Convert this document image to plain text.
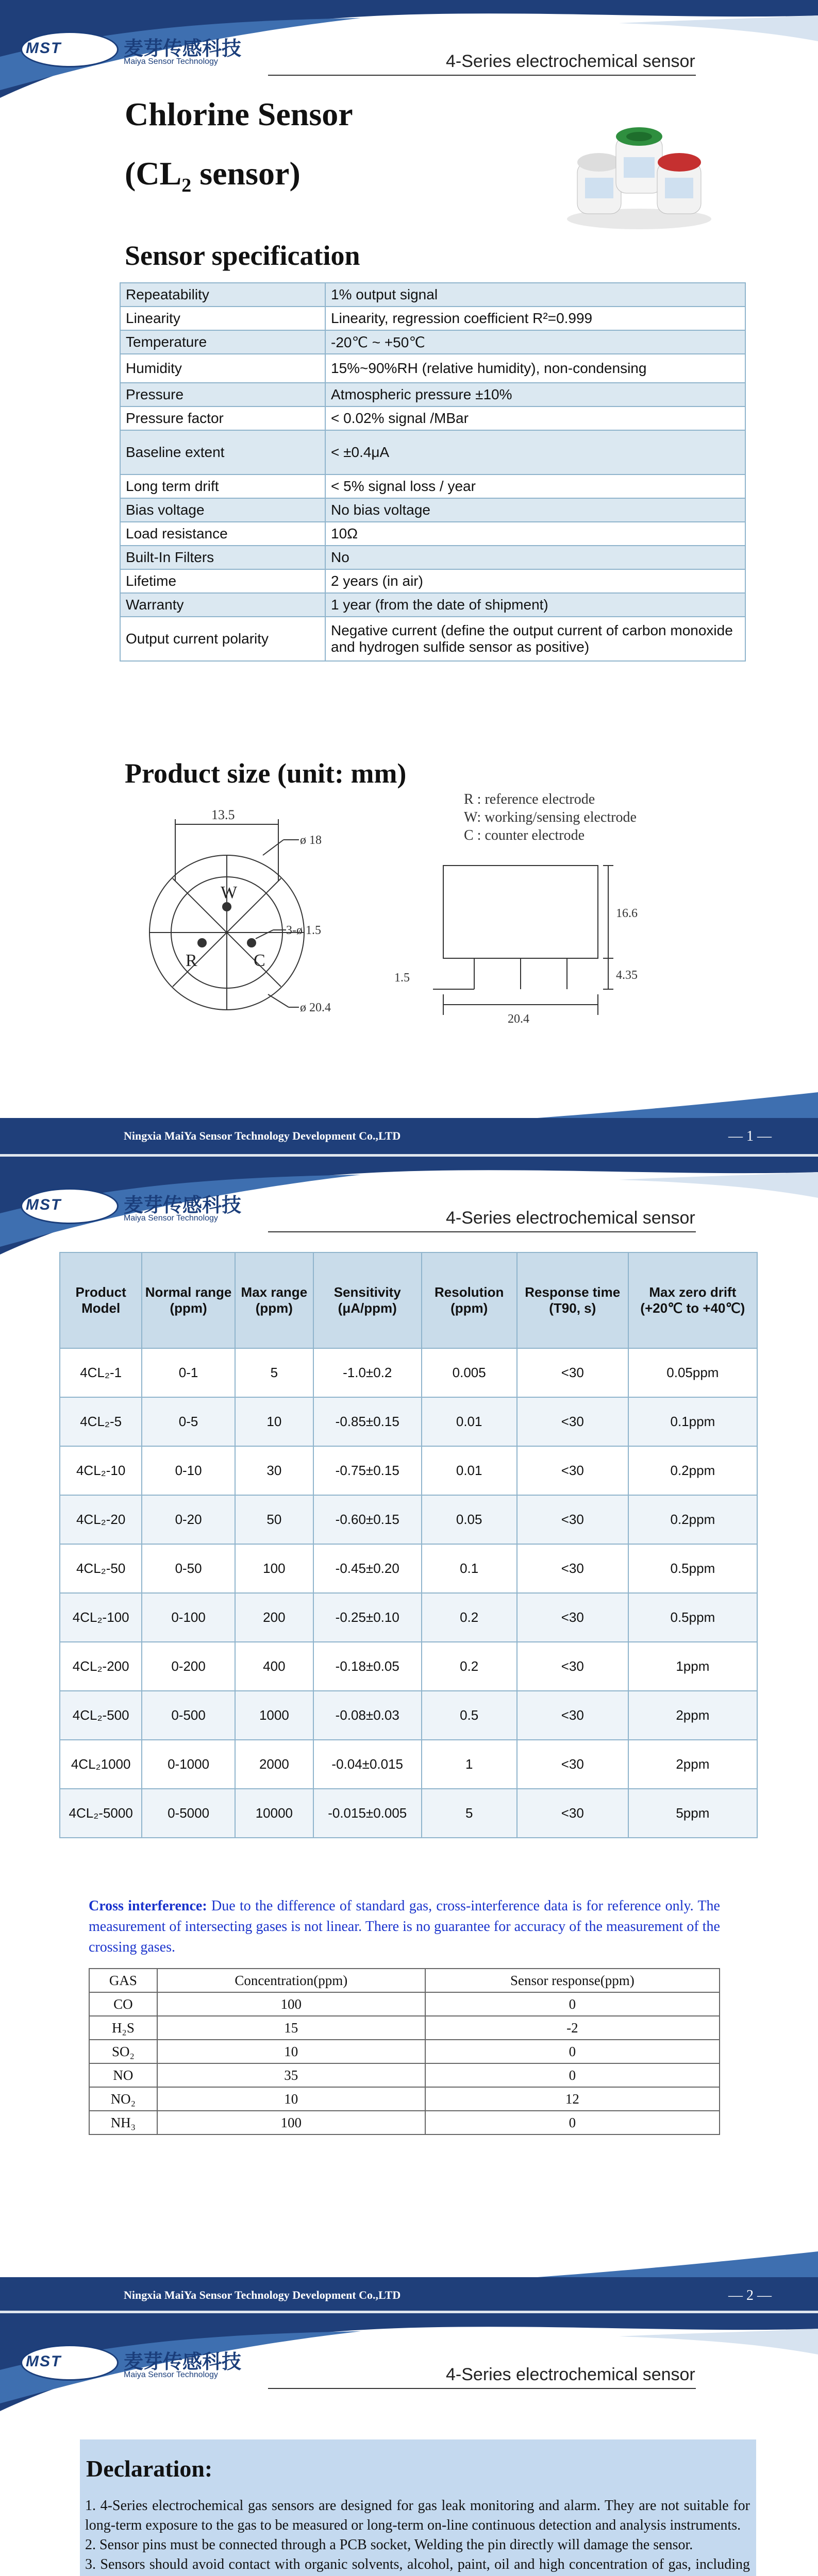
MST	麦芽传感科技
Maiya Sensor Technology	4-Series electrochemical sensor
Chlorine Sensor
($CL_2$ sensor)
Sensor specification
Repeatability	1% output signal
Linearity	Linearity, regression coefficient R²=0.999
Temperature	-20℃ ~ +50℃
Humidity	15%~90%RH (relative humidity), non-condensing
Pressure	Atmospheric pressure ±10%
Pressure factor	< 0.02% signal /MBar
Baseline extent	< ±0.4μA
Long term drift	< 5% signal loss / year
Bias voltage	No bias voltage
Load resistance	10Ω
Built-In Filters	No
Lifetime	2 years (in air)
Warranty	1 year (from the date of shipment)
Output current polarity	Negative current (define the output current of carbon monoxide and hydrogen sulfide sensor as positive)
Product size (unit: mm)
13.5
ø 18
3-ø 1.5
ø 20.4
W
R	C
R : reference electrode
W: working/sensing electrode
C : counter electrode
16.6
4.35
1.5
20.4
Ningxia MaiYa Sensor Technology Development Co.,LTD	— 1 —
MST	麦芽传感科技
Maiya Sensor Technology	4-Series electrochemical sensor
Ningxia MaiYa Sensor Technology Development Co.,LTD	— 2 —
Product Model	Normal range (ppm)	Max range (ppm)	Sensitivity (μA/ppm)	Resolution (ppm)	Response time (T90, s)	Max zero drift (+20℃ to +40℃)
4CL₂-1	0-1	5	-1.0±0.2	0.005	<30	0.05ppm
4CL₂-5	0-5	10	-0.85±0.15	0.01	<30	0.1ppm
4CL₂-10	0-10	30	-0.75±0.15	0.01	<30	0.2ppm
4CL₂-20	0-20	50	-0.60±0.15	0.05	<30	0.2ppm
4CL₂-50	0-50	100	-0.45±0.20	0.1	<30	0.5ppm
4CL₂-100	0-100	200	-0.25±0.10	0.2	<30	0.5ppm
4CL₂-200	0-200	400	-0.18±0.05	0.2	<30	1ppm
4CL₂-500	0-500	1000	-0.08±0.03	0.5	<30	2ppm
4CL₂1000	0-1000	2000	-0.04±0.015	1	<30	2ppm
4CL₂-5000	0-5000	10000	-0.015±0.005	5	<30	5ppm
Cross interference: Due to the difference of standard gas, cross-interference data is for reference only. The measurement of intersecting gases is not linear. There is no guarantee for accuracy of the measurement of the crossing gases.
GAS	Concentration(ppm)	Sensor response(ppm)
CO	100	0
H₂S	15	-2
SO₂	10	0
NO	35	0
NO₂	10	12
NH₃	100	0
MST	麦芽传感科技
Maiya Sensor Technology	4-Series electrochemical sensor
Declaration:

1. 4-Series electrochemical gas sensors are designed for gas leak monitoring and alarm. They are not suitable for long-term exposure to the gas to be measured or long-term on-line continuous detection and analysis instruments.

2. Sensor pins must be connected through a PCB socket, Welding the pin directly will damage the sensor.

3. Sensors should avoid contact with organic solvents, alcohol, paint, oil and high concentration of gas, including
